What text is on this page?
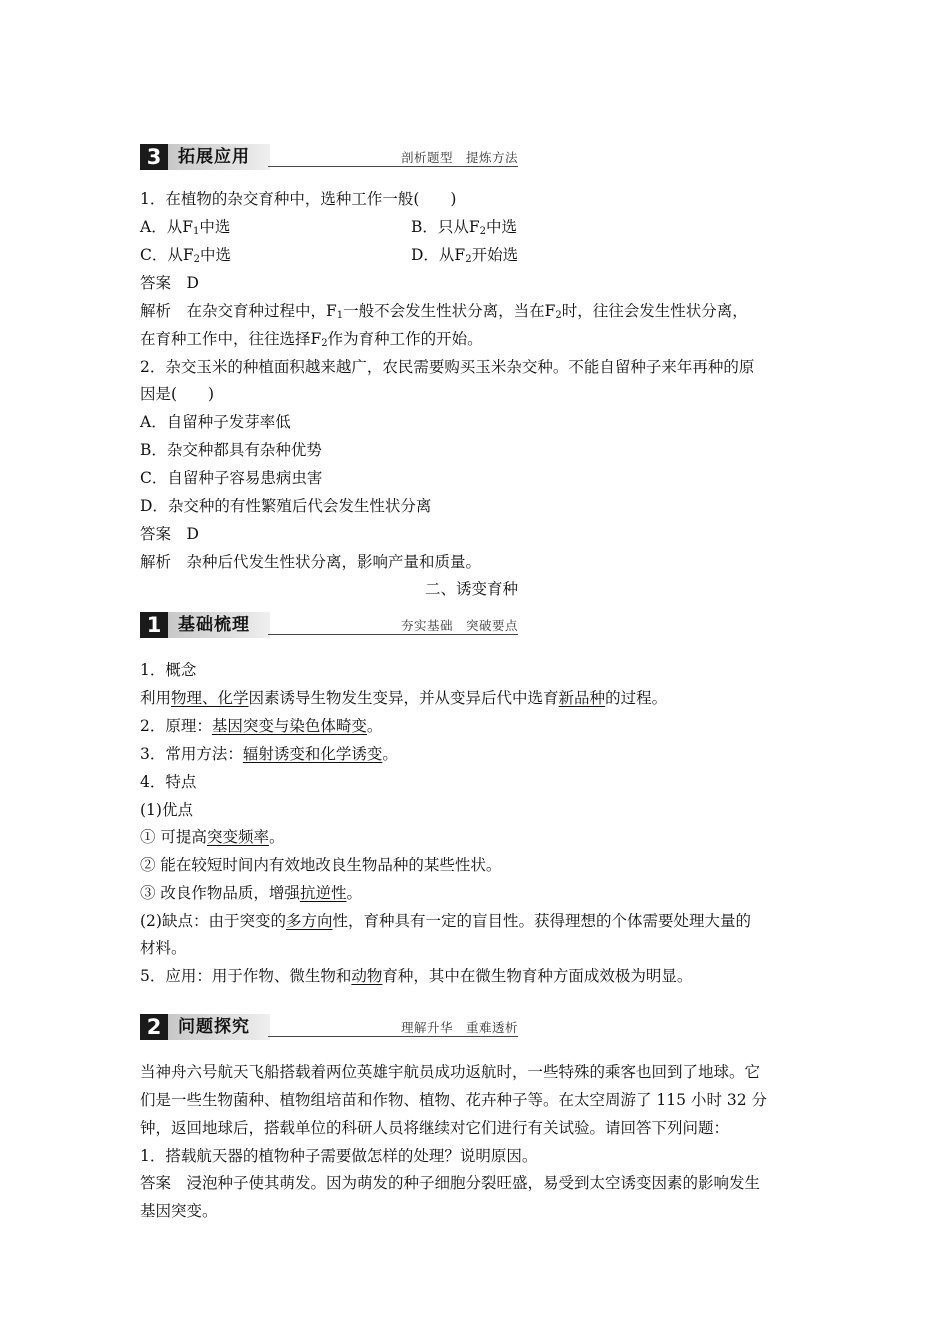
3 拓展应用	剖析题型　提炼方法
1．在植物的杂交育种中，选种工作一般(　　)
A．从$F_1$中选	B．只从$F_2$中选
C．从$F_2$中选	D．从$F_2$开始选
答案　D
解析　在杂交育种过程中，$F_1$一般不会发生性状分离，当在$F_2$时，往往会发生性状分离，
在育种工作中，往往选择$F_2$作为育种工作的开始。
2．杂交玉米的种植面积越来越广，农民需要购买玉米杂交种。不能自留种子来年再种的原
因是(　　)
A．自留种子发芽率低
B．杂交种都具有杂种优势
C．自留种子容易患病虫害
D．杂交种的有性繁殖后代会发生性状分离
答案　D
解析　杂种后代发生性状分离，影响产量和质量。
二、诱变育种
1 基础梳理	夯实基础　突破要点
1．概念
利用物理、化学因素诱导生物发生变异，并从变异后代中选育新品种的过程。
2．原理：基因突变与染色体畸变。
3．常用方法：辐射诱变和化学诱变。
4．特点
(1)优点
① 可提高突变频率。
② 能在较短时间内有效地改良生物品种的某些性状。
③ 改良作物品质，增强抗逆性。
(2)缺点：由于突变的多方向性，育种具有一定的盲目性。获得理想的个体需要处理大量的
材料。
5．应用：用于作物、微生物和动物育种，其中在微生物育种方面成效极为明显。
2 问题探究	理解升华　重难透析
当神舟六号航天飞船搭载着两位英雄宇航员成功返航时，一些特殊的乘客也回到了地球。它
们是一些生物菌种、植物组培苗和作物、植物、花卉种子等。在太空周游了 115 小时 32 分
钟，返回地球后，搭载单位的科研人员将继续对它们进行有关试验。请回答下列问题：
1．搭载航天器的植物种子需要做怎样的处理？说明原因。
答案　浸泡种子使其萌发。因为萌发的种子细胞分裂旺盛，易受到太空诱变因素的影响发生
基因突变。
